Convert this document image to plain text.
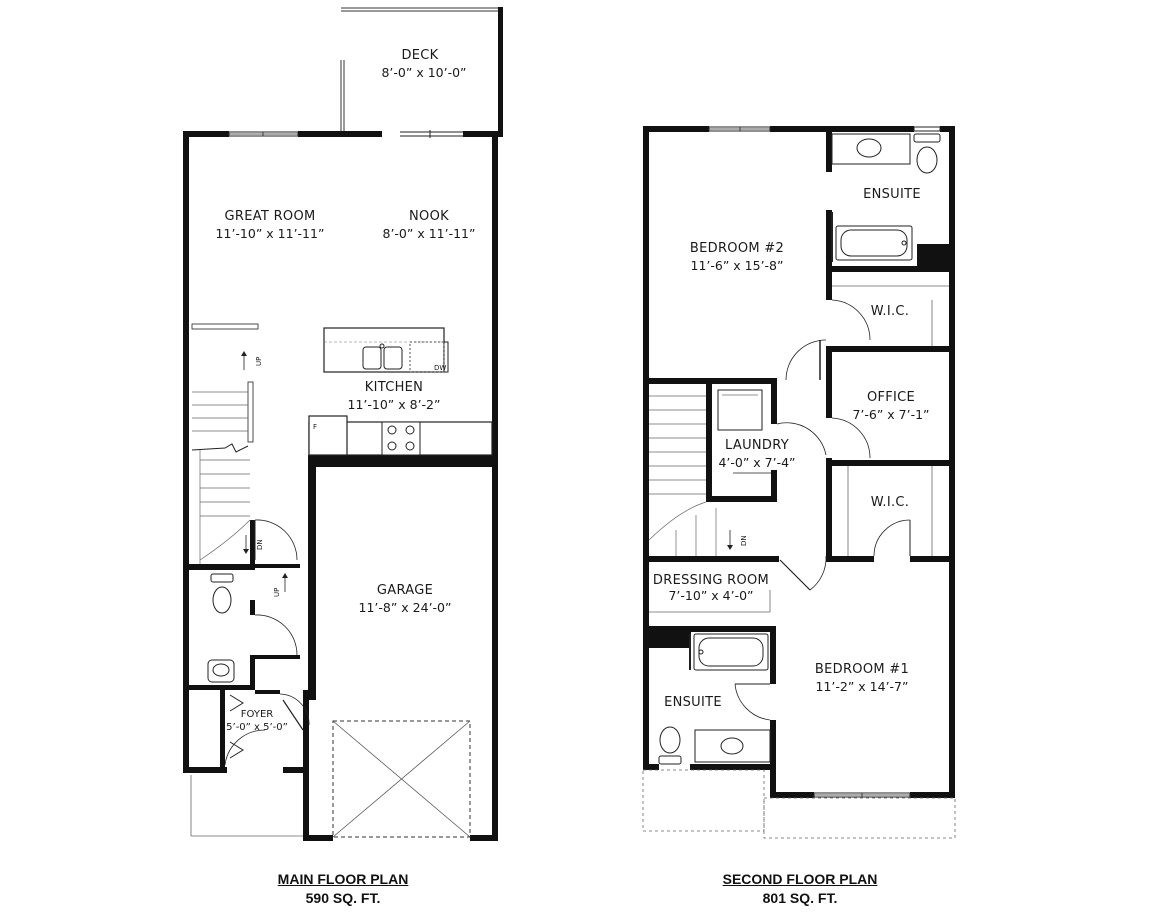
DW
F
UP
DN
UP
DECK
8’-0” x 10’-0”
GREAT ROOM
11’-10” x 11’-11”
NOOK
8’-0” x 11’-11”
KITCHEN
11’-10” x 8’-2”
GARAGE
11’-8” x 24’-0”
FOYER
5’-0” x 5’-0”
DN
ENSUITE
BEDROOM #2
11’-6” x 15’-8”
W.I.C.
OFFICE
7’-6” x 7’-1”
LAUNDRY
4’-0” x 7’-4”
W.I.C.
DRESSING ROOM
7’-10” x 4’-0”
BEDROOM #1
11’-2” x 14’-7”
ENSUITE
MAIN FLOOR PLAN
590 SQ. FT.
SECOND FLOOR PLAN
801 SQ. FT.
